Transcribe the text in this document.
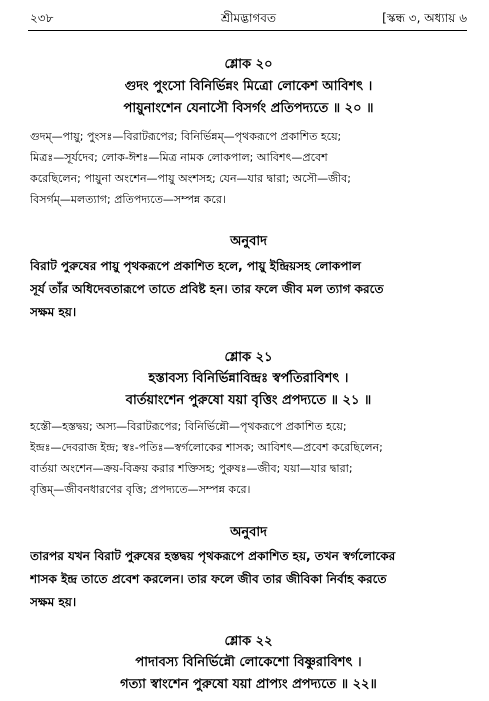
২৩৮	শ্রীমদ্ভাগবত	[স্কন্ধ ৩, অধ্যায় ৬
শ্লোক ২০
গুদং পুংসো বিনির্ভিন্নং মিত্রো লোকেশ আবিশৎ ।
পায়ুনাংশেন যেনাসৌ বিসর্গং প্রতিপদ্যতে ॥ ২০ ॥
গুদম্—পায়ু; পুংসঃ—বিরাটরূপের; বিনির্ভিন্নম্—পৃথকরূপে প্রকাশিত হয়ে;
মিত্রঃ—সূর্যদেব; লোক-ঈশঃ—মিত্র নামক লোকপাল; আবিশৎ—প্রবেশ
করেছিলেন; পায়ুনা অংশেন—পায়ু অংশসহ; যেন—যার দ্বারা; অসৌ—জীব;
বিসর্গম্—মলত্যাগ; প্রতিপদ্যতে—সম্পন্ন করে।
অনুবাদ
বিরাট পুরুষের পায়ু পৃথকরূপে প্রকাশিত হলে, পায়ু ইন্দ্রিয়সহ লোকপাল
সূর্য তাঁর অধিদেবতারূপে তাতে প্রবিষ্ট হন। তার ফলে জীব মল ত্যাগ করতে
সক্ষম হয়।
শ্লোক ২১
হস্তাবস্য বিনির্ভিন্নাবিন্দ্রঃ স্বর্পতিরাবিশৎ ।
বার্তয়াংশেন পুরুষো যয়া বৃত্তিং প্রপদ্যতে ॥ ২১ ॥
হস্তৌ—হস্তদ্বয়; অস্য—বিরাটরূপের; বিনির্ভিন্নৌ—পৃথকরূপে প্রকাশিত হয়ে;
ইন্দ্রঃ—দেবরাজ ইন্দ্র; স্বঃ-পতিঃ—স্বর্গলোকের শাসক; আবিশৎ—প্রবেশ করেছিলেন;
বার্তয়া অংশেন—ক্রয়-বিক্রয় করার শক্তিসহ; পুরুষঃ—জীব; যয়া—যার দ্বারা;
বৃত্তিম্—জীবনধারণের বৃত্তি; প্রপদ্যতে—সম্পন্ন করে।
অনুবাদ
তারপর যখন বিরাট পুরুষের হস্তদ্বয় পৃথকরূপে প্রকাশিত হয়, তখন স্বর্গলোকের
শাসক ইন্দ্র তাতে প্রবেশ করলেন। তার ফলে জীব তার জীবিকা নির্বাহ করতে
সক্ষম হয়।
শ্লোক ২২
পাদাবস্য বিনির্ভিন্নৌ লোকেশো বিষ্ণুরাবিশৎ ।
গত্যা স্বাংশেন পুরুষো যয়া প্রাপ্যং প্রপদ্যতে ॥ ২২॥
